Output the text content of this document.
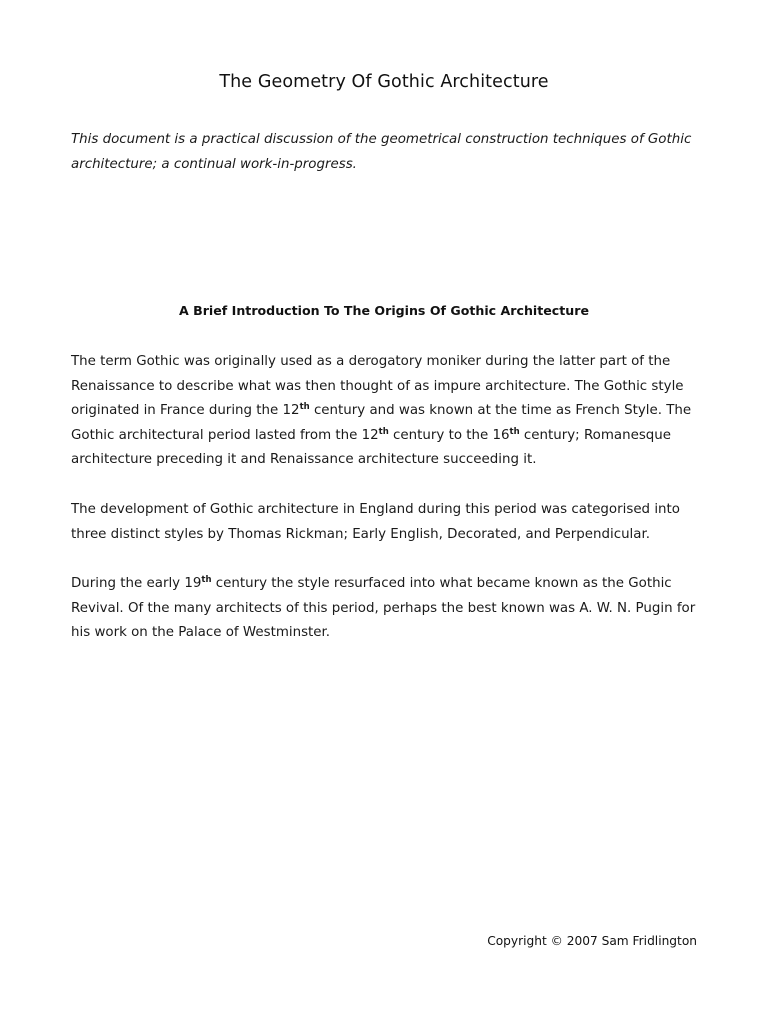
The Geometry Of Gothic Architecture

This document is a practical discussion of the geometrical construction techniques of Gothic architecture; a continual work-in-progress.

A Brief Introduction To The Origins Of Gothic Architecture

The term Gothic was originally used as a derogatory moniker during the latter part of the Renaissance to describe what was then thought of as impure architecture. The Gothic style originated in France during the 12th century and was known at the time as French Style. The Gothic architectural period lasted from the 12th century to the 16th century; Romanesque architecture preceding it and Renaissance architecture succeeding it.

The development of Gothic architecture in England during this period was categorised into three distinct styles by Thomas Rickman; Early English, Decorated, and Perpendicular.

During the early 19th century the style resurfaced into what became known as the Gothic Revival. Of the many architects of this period, perhaps the best known was A. W. N. Pugin for his work on the Palace of Westminster.

Copyright © 2007 Sam Fridlington
